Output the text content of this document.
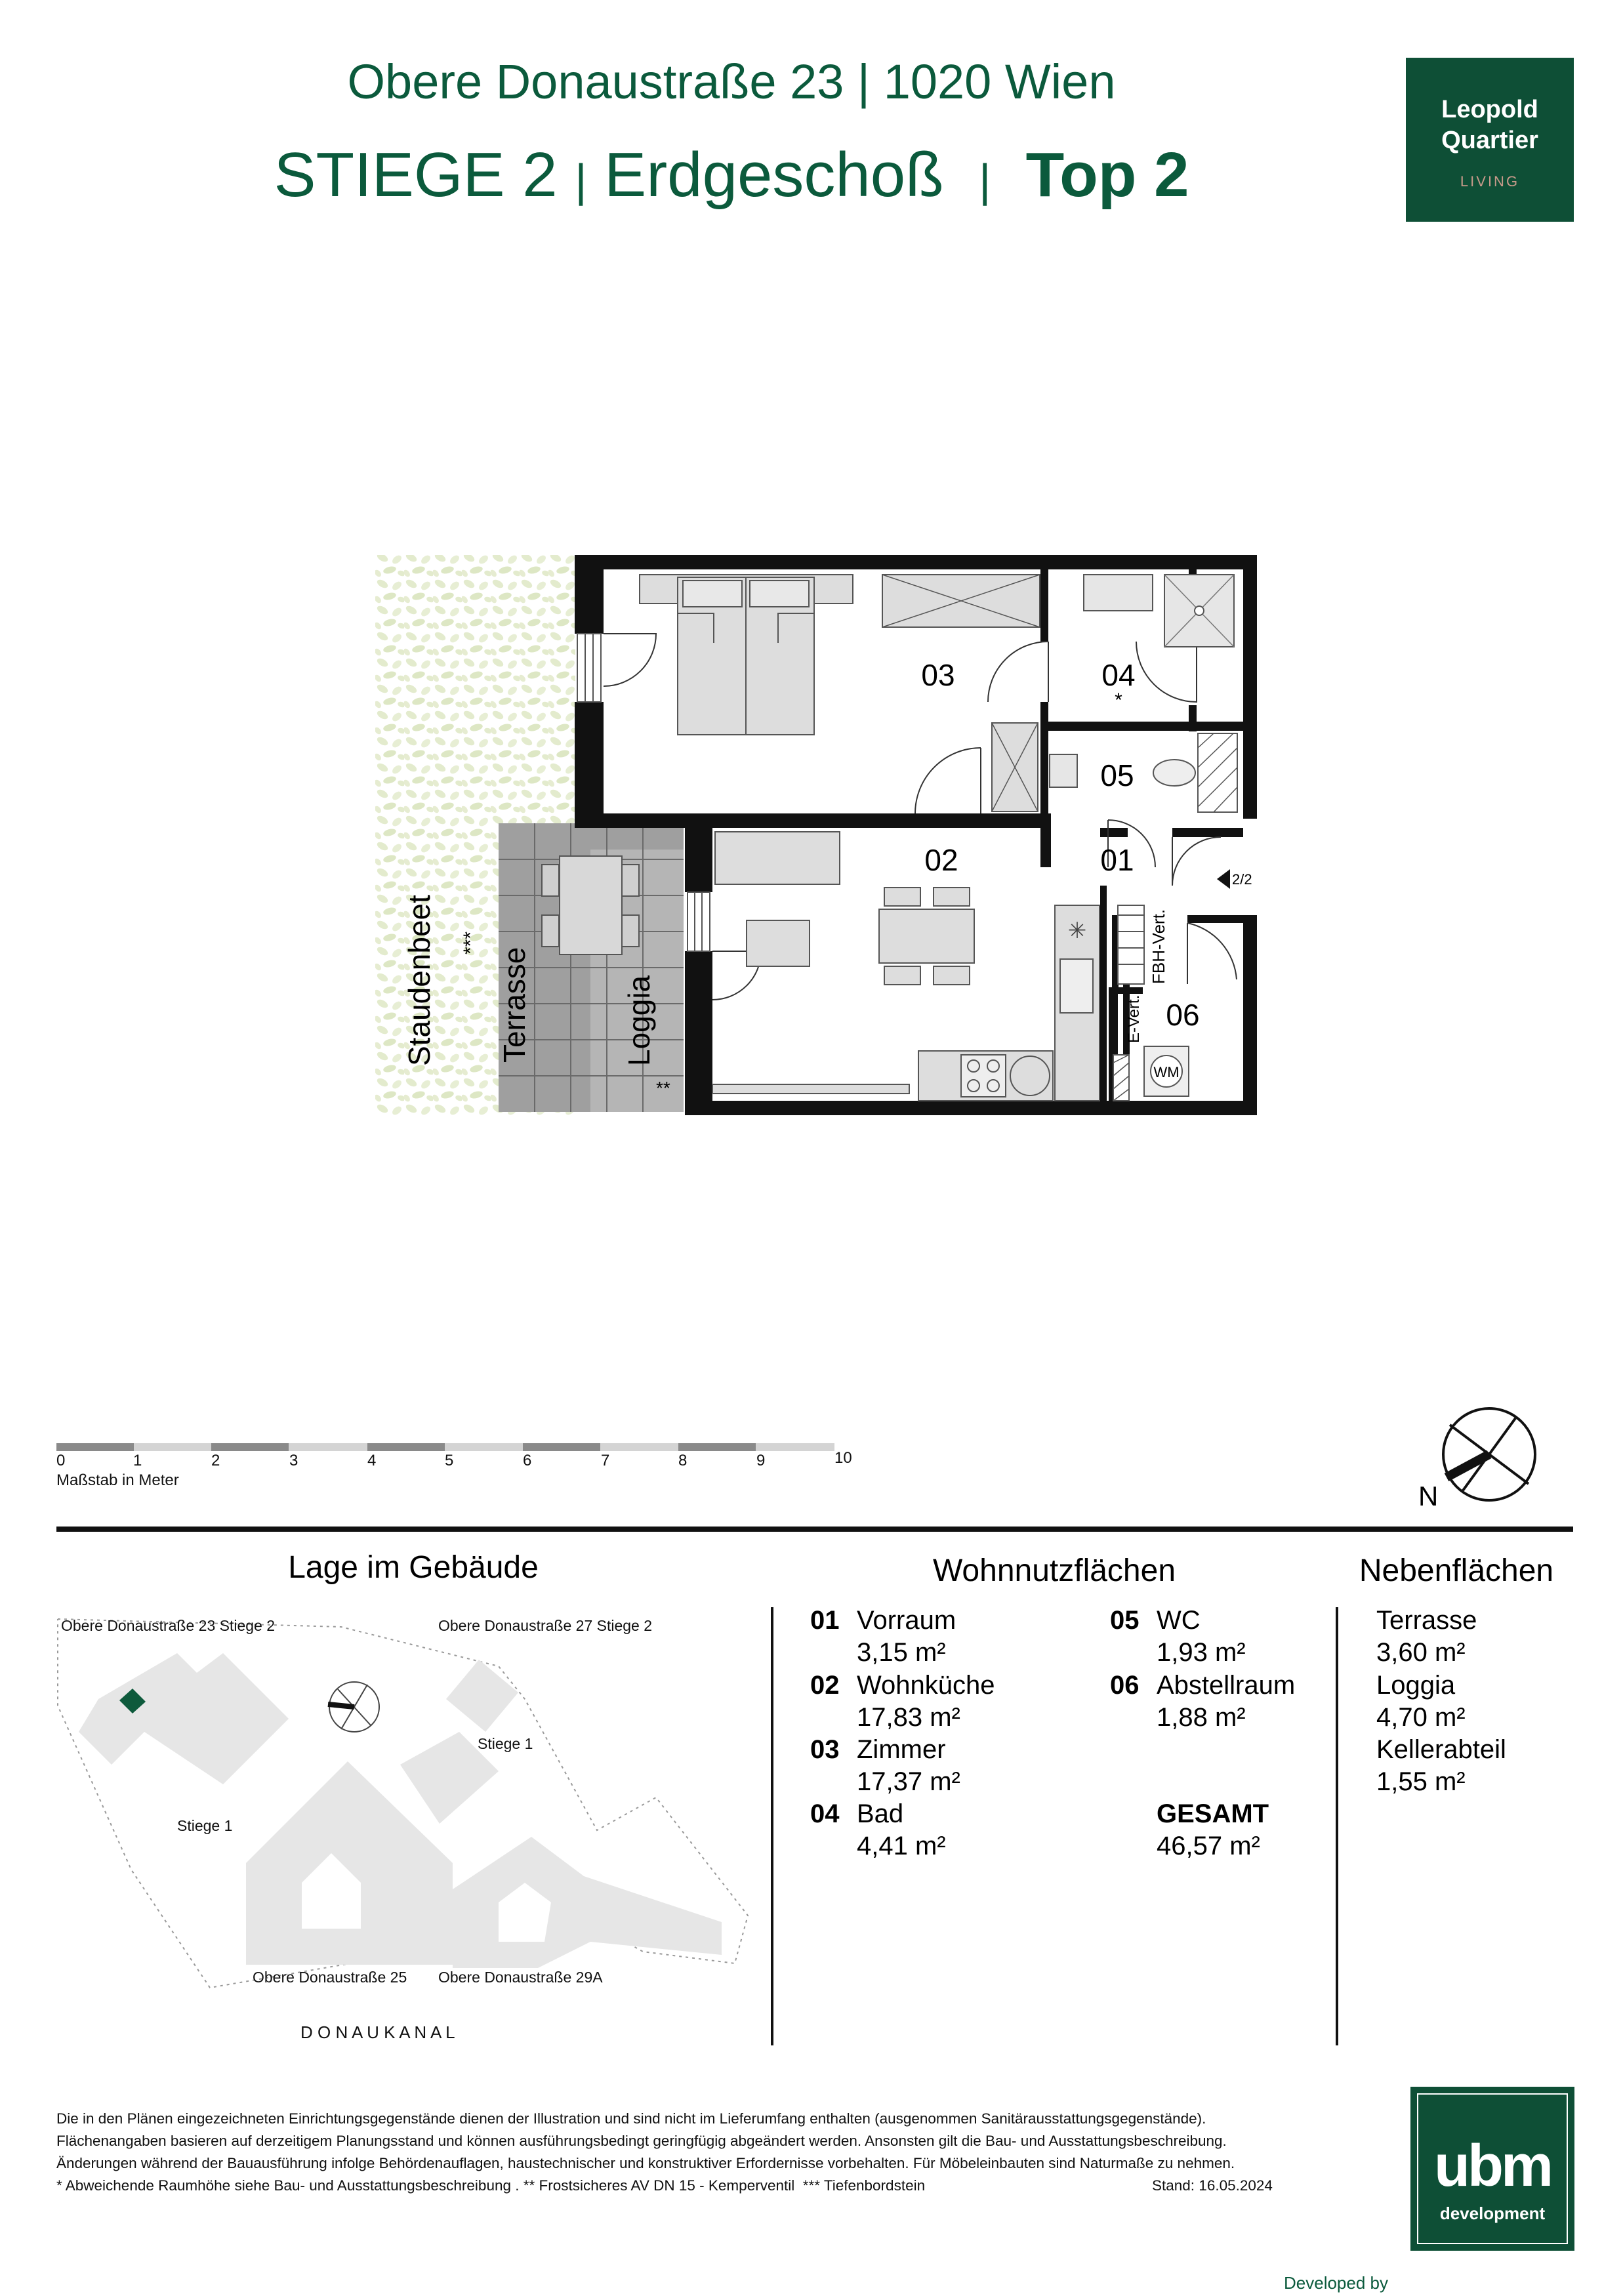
Obere Donaustraße 23 | 1020 Wien
STIEGE 2 | Erdgeschoß | Top 2
Leopold
Quartier
LIVING
Staudenbeet ***
Terrasse	Loggia
**
✳	FBH-Vert.
E-Vert.
WM
2/2
03	04
*
05
02	01
06
0	1	2	3	4	5	6	7	8	9	10
Maßstab in Meter
N
Obere Donaustraße 23 Stiege 2	Obere Donaustraße 27 Stiege 2
Stiege 1
Stiege 1
Obere Donaustraße 25 Obere Donaustraße 29A
D O N A U K A N A L
Lage im Gebäude	Wohnnutzflächen	Nebenflächen
01 Vorraum
3,15 m²
02 Wohnküche
17,83 m²
03 Zimmer
17,37 m²
04 Bad
4,41 m²
05 WC
1,93 m²
06 Abstellraum
1,88 m²
GESAMT
46,57 m²
Terrasse
3,60 m²
Loggia
4,70 m²
Kellerabteil
1,55 m²
Developed by
Die in den Plänen eingezeichneten Einrichtungsgegenstände dienen der Illustration und sind nicht im Lieferumfang enthalten (ausgenommen Sanitärausstattungsgegenstände).
Flächenangaben basieren auf derzeitigem Planungsstand und können ausführungsbedingt geringfügig abgeändert werden. Ansonsten gilt die Bau- und Ausstattungsbeschreibung.
Änderungen während der Bauausführung infolge Behördenauflagen, haustechnischer und konstruktiver Erfordernisse vorbehalten. Für Möbeleinbauten sind Naturmaße zu nehmen.
* Abweichende Raumhöhe siehe Bau- und Ausstattungsbeschreibung . ** Frostsicheres AV DN 15 - Kemperventil  *** Tiefenbordstein	Stand: 16.05.2024	ubm
development
